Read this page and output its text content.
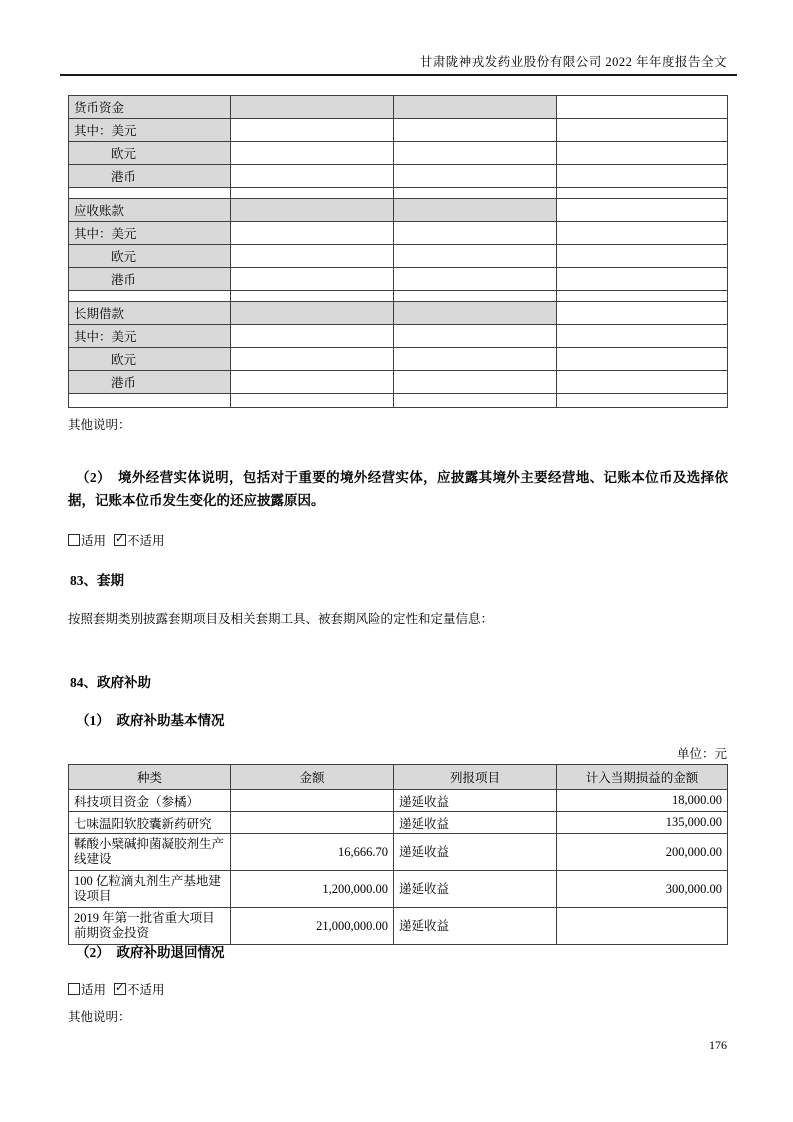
甘肃陇神戎发药业股份有限公司 2022 年年度报告全文
货币资金			
其中：美元			
欧元			
港币			

应收账款			
其中：美元			
欧元			
港币			

长期借款			
其中：美元			
欧元			
港币			

其他说明：
（2）　境外经营实体说明，包括对于重要的境外经营实体，应披露其境外主要经营地、记账本位币及选择依据，记账本位币发生变化的还应披露原因。
适用 ✓ 不适用
83、套期
按照套期类别披露套期项目及相关套期工具、被套期风险的定性和定量信息：
84、政府补助
（1）　政府补助基本情况
单位：元
种类	金额	列报项目	计入当期损益的金额
科技项目资金（参橘）		递延收益	18,000.00
七味温阳软胶囊新药研究		递延收益	135,000.00
鞣酸小檗碱抑菌凝胶剂生产线建设	16,666.70	递延收益	200,000.00
100 亿粒滴丸剂生产基地建设项目	1,200,000.00	递延收益	300,000.00
2019 年第一批省重大项目前期资金投资	21,000,000.00	递延收益	
（2）　政府补助退回情况
适用 ✓ 不适用
其他说明：
176
